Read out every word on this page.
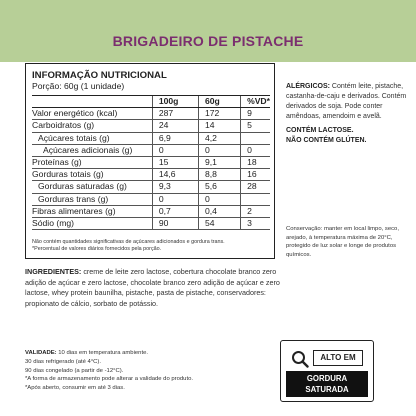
BRIGADEIRO DE PISTACHE
INFORMAÇÃO NUTRICIONAL
Porção: 60g (1 unidade)
	100g	60g	%VD*
Valor energético (kcal)	287	172	9
Carboidratos (g)	24	14	5
Açúcares totais (g)	6,9	4,2	
Açúcares adicionais (g)	0	0	0
Proteínas (g)	15	9,1	18
Gorduras totais (g)	14,6	8,8	16
Gorduras saturadas (g)	9,3	5,6	28
Gorduras trans (g)	0	0	
Fibras alimentares (g)	0,7	0,4	2
Sódio (mg)	90	54	3
Não contém quantidades significativas de açúcares adicionados e gordura trans.
*Percentual de valores diários fornecidos pela porção.
ALÉRGICOS: Contém leite, pistache, castanha-de-caju e derivados. Contém derivados de soja. Pode conter amêndoas, amendoim e avelã.
CONTÉM LACTOSE.
NÃO CONTÉM GLÚTEN.
Conservação: manter em local limpo, seco, arejado, à temperatura máxima de 20°C, protegido de luz solar e longe de produtos químicos.
INGREDIENTES: creme de leite zero lactose, cobertura chocolate branco zero adição de açúcar e zero lactose, chocolate branco zero adição de açúcar e zero lactose, whey protein baunilha, pistache, pasta de pistache, conservadores: propionato de cálcio, sorbato de potássio.
VALIDADE: 10 dias em temperatura ambiente.
30 dias refrigerado (até 4°C).
90 dias congelado (a partir de -12°C).
*A forma de armazenamento pode alterar a validade do produto.
*Após aberto, consumir em até 3 dias.
ALTO EM
GORDURA
SATURADA
